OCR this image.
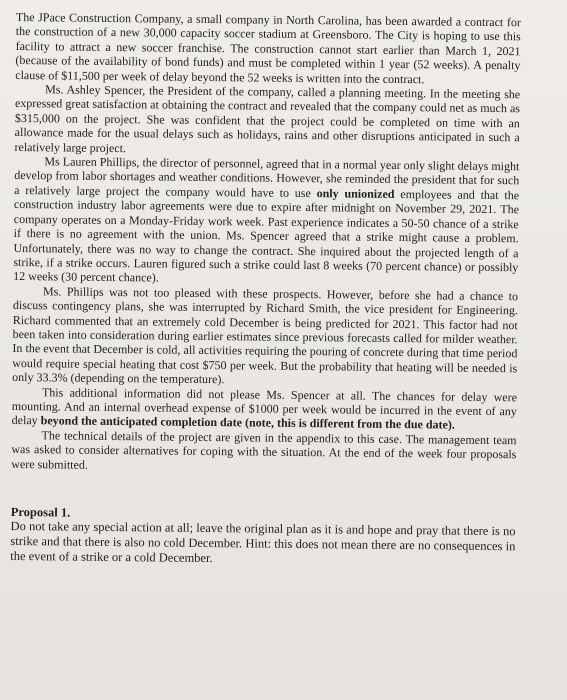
The JPace Construction Company, a small company in North Carolina, has been awarded a contract for the construction of a new 30,000 capacity soccer stadium at Greensboro. The City is hoping to use this facility to attract a new soccer franchise. The construction cannot start earlier than March 1, 2021 (because of the availability of bond funds) and must be completed within 1 year (52 weeks). A penalty clause of $11,500 per week of delay beyond the 52 weeks is written into the contract.

Ms. Ashley Spencer, the President of the company, called a planning meeting. In the meeting she expressed great satisfaction at obtaining the contract and revealed that the company could net as much as $315,000 on the project. She was confident that the project could be completed on time with an allowance made for the usual delays such as holidays, rains and other disruptions anticipated in such a relatively large project.

Ms Lauren Phillips, the director of personnel, agreed that in a normal year only slight delays might develop from labor shortages and weather conditions. However, she reminded the president that for such a relatively large project the company would have to use only unionized employees and that the construction industry labor agreements were due to expire after midnight on November 29, 2021. The company operates on a Monday-Friday work week. Past experience indicates a 50-50 chance of a strike if there is no agreement with the union. Ms. Spencer agreed that a strike might cause a problem. Unfortunately, there was no way to change the contract. She inquired about the projected length of a strike, if a strike occurs. Lauren figured such a strike could last 8 weeks (70 percent chance) or possibly 12 weeks (30 percent chance).

Ms. Phillips was not too pleased with these prospects. However, before she had a chance to discuss contingency plans, she was interrupted by Richard Smith, the vice president for Engineering. Richard commented that an extremely cold December is being predicted for 2021. This factor had not been taken into consideration during earlier estimates since previous forecasts called for milder weather. In the event that December is cold, all activities requiring the pouring of concrete during that time period would require special heating that cost $750 per week. But the probability that heating will be needed is only 33.3% (depending on the temperature).

This additional information did not please Ms. Spencer at all. The chances for delay were mounting. And an internal overhead expense of $1000 per week would be incurred in the event of any delay beyond the anticipated completion date (note, this is different from the due date).

The technical details of the project are given in the appendix to this case. The management team was asked to consider alternatives for coping with the situation. At the end of the week four proposals were submitted.

Proposal 1.

Do not take any special action at all; leave the original plan as it is and hope and pray that there is no strike and that there is also no cold December. Hint: this does not mean there are no consequences in the event of a strike or a cold December.
